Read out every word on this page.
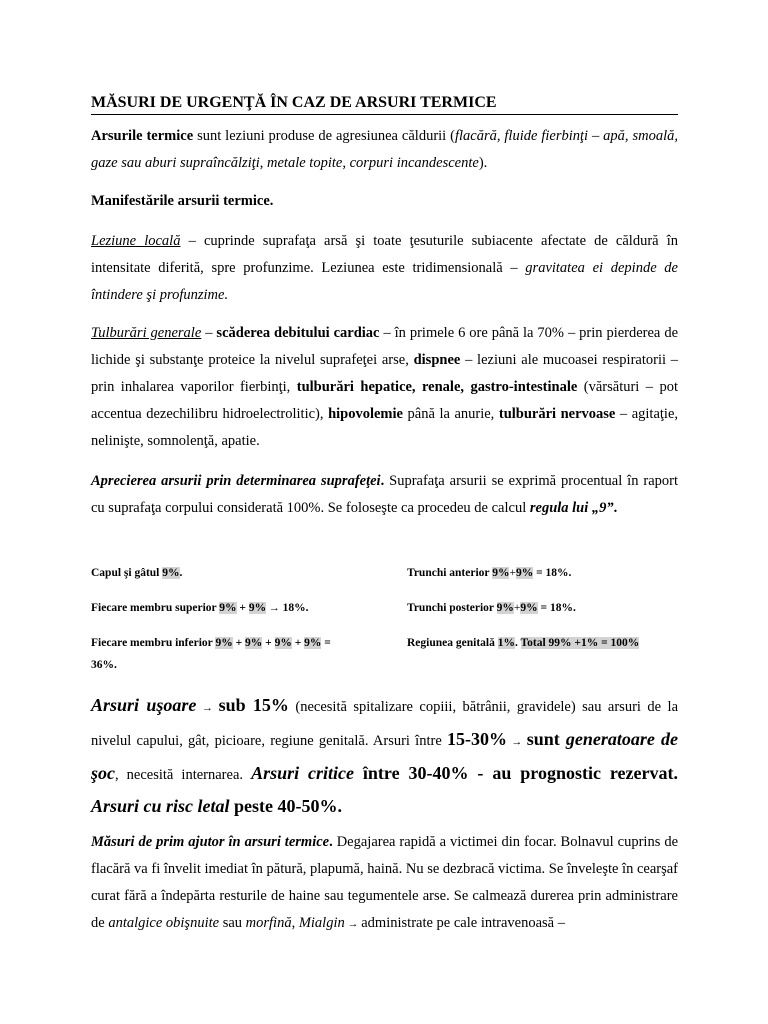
MĂSURI DE URGENŢĂ ÎN CAZ DE ARSURI TERMICE
Arsurile termice sunt leziuni produse de agresiunea căldurii (flacără, fluide fierbinţi – apă, smoală, gaze sau aburi supraîncălziţi, metale topite, corpuri incandescente).
Manifestările arsurii termice.
Leziune locală – cuprinde suprafaţa arsă şi toate ţesuturile subiacente afectate de căldură în intensitate diferită, spre profunzime. Leziunea este tridimensională – gravitatea ei depinde de întindere şi profunzime.
Tulburări generale – scăderea debitului cardiac – în primele 6 ore până la 70% – prin pierderea de lichide şi substanţe proteice la nivelul suprafeţei arse, dispnee – leziuni ale mucoasei respiratorii – prin inhalarea vaporilor fierbinţi, tulburări hepatice, renale, gastro-intestinale (vărsături – pot accentua dezechilibru hidroelectrolitic), hipovolemie până la anurie, tulburări nervoase – agitaţie, nelinişte, somnolenţă, apatie.
Aprecierea arsurii prin determinarea suprafeţei. Suprafaţa arsurii se exprimă procentual în raport cu suprafaţa corpului considerată 100%. Se foloseşte ca procedeu de calcul regula lui „9”.
Capul şi gâtul 9%.	Trunchi anterior 9%+9% = 18%.
Fiecare membru superior 9% + 9% → 18%.	Trunchi posterior 9%+9% = 18%.
Fiecare membru inferior 9% + 9% + 9% + 9% =
36%.
Regiunea genitală 1%. Total 99% +1% = 100%
Arsuri uşoare → sub 15% (necesită spitalizare copiii, bătrânii, gravidele) sau arsuri de la nivelul capului, gât, picioare, regiune genitală. Arsuri între 15-30% → sunt generatoare de şoc, necesită internarea. Arsuri critice între 30-40% - au prognostic rezervat. Arsuri cu risc letal peste 40-50%.
Măsuri de prim ajutor în arsuri termice. Degajarea rapidă a victimei din focar. Bolnavul cuprins de flacără va fi învelit imediat în pătură, plapumă, haină. Nu se dezbracă victima. Se înveleşte în cearşaf curat fără a îndepărta resturile de haine sau tegumentele arse. Se calmează durerea prin administrare de antalgice obişnuite sau morfină, Mialgin → administrate pe cale intravenoasă –
